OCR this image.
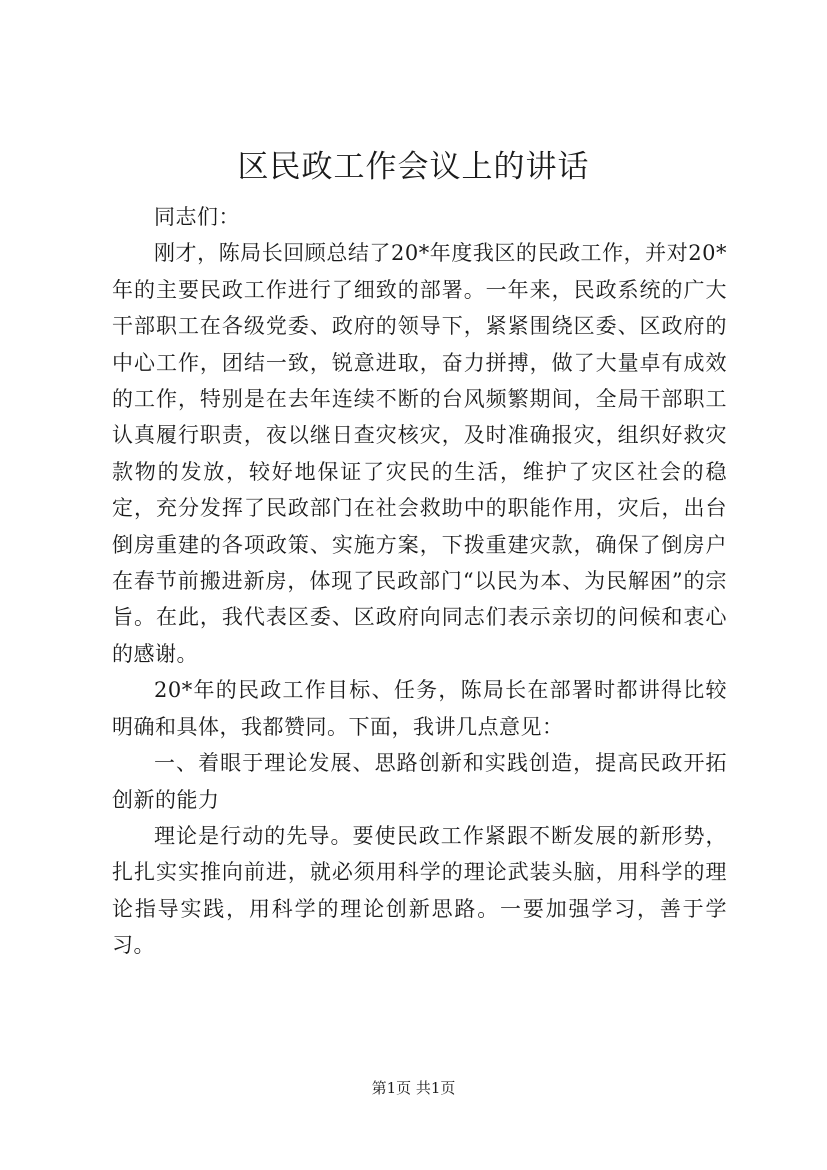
区民政工作会议上的讲话

同志们：

刚才，陈局长回顾总结了20*年度我区的民政工作，并对20*年的主要民政工作进行了细致的部署。一年来，民政系统的广大干部职工在各级党委、政府的领导下，紧紧围绕区委、区政府的中心工作，团结一致，锐意进取，奋力拼搏，做了大量卓有成效的工作，特别是在去年连续不断的台风频繁期间，全局干部职工认真履行职责，夜以继日查灾核灾，及时准确报灾，组织好救灾款物的发放，较好地保证了灾民的生活，维护了灾区社会的稳定，充分发挥了民政部门在社会救助中的职能作用，灾后，出台倒房重建的各项政策、实施方案，下拨重建灾款，确保了倒房户在春节前搬进新房，体现了民政部门“以民为本、为民解困”的宗旨。在此，我代表区委、区政府向同志们表示亲切的问候和衷心的感谢。

20*年的民政工作目标、任务，陈局长在部署时都讲得比较明确和具体，我都赞同。下面，我讲几点意见：

一、着眼于理论发展、思路创新和实践创造，提高民政开拓创新的能力

理论是行动的先导。要使民政工作紧跟不断发展的新形势，扎扎实实推向前进，就必须用科学的理论武装头脑，用科学的理论指导实践，用科学的理论创新思路。一要加强学习，善于学习。

第1页 共1页
